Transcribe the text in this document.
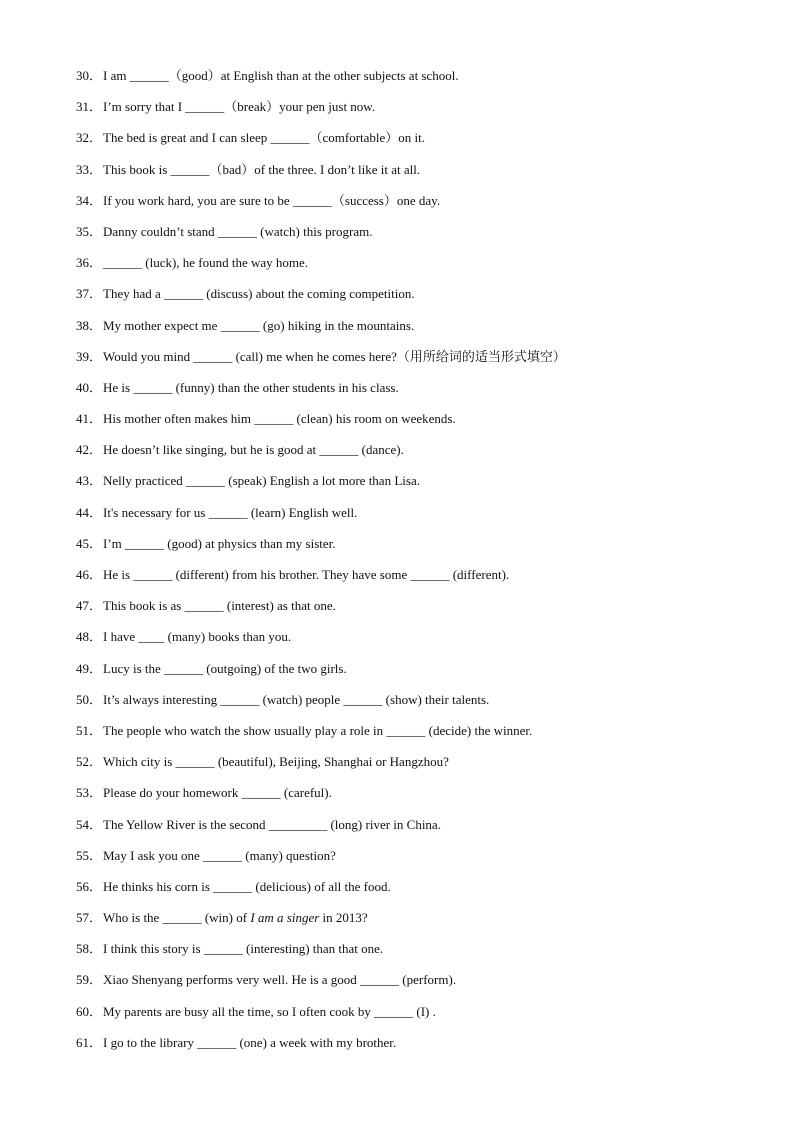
30．I am ______（good）at English than at the other subjects at school.
31．I’m sorry that I ______（break）your pen just now.
32．The bed is great and I can sleep ______（comfortable）on it.
33．This book is ______（bad）of the three. I don’t like it at all.
34．If you work hard, you are sure to be ______（success）one day.
35．Danny couldn’t stand ______ (watch) this program.
36．______ (luck), he found the way home.
37．They had a ______ (discuss) about the coming competition.
38．My mother expect me ______ (go) hiking in the mountains.
39．Would you mind ______ (call) me when he comes here?（用所给词的适当形式填空）
40．He is ______ (funny) than the other students in his class.
41．His mother often makes him ______ (clean) his room on weekends.
42．He doesn’t like singing, but he is good at ______ (dance).
43．Nelly practiced ______ (speak) English a lot more than Lisa.
44．It's necessary for us ______ (learn) English well.
45．I’m ______ (good) at physics than my sister.
46．He is ______ (different) from his brother. They have some ______ (different).
47．This book is as ______ (interest) as that one.
48．I have ____ (many) books than you.
49．Lucy is the ______ (outgoing) of the two girls.
50．It’s always interesting ______ (watch) people ______ (show) their talents.
51．The people who watch the show usually play a role in ______ (decide) the winner.
52．Which city is ______ (beautiful), Beijing, Shanghai or Hangzhou?
53．Please do your homework ______ (careful).
54．The Yellow River is the second _________ (long) river in China.
55．May I ask you one ______ (many) question?
56．He thinks his corn is ______ (delicious) of all the food.
57．Who is the ______ (win) of I am a singer in 2013?
58．I think this story is ______ (interesting) than that one.
59．Xiao Shenyang performs very well. He is a good ______ (perform).
60．My parents are busy all the time, so I often cook by ______ (I) .
61．I go to the library ______ (one) a week with my brother.
